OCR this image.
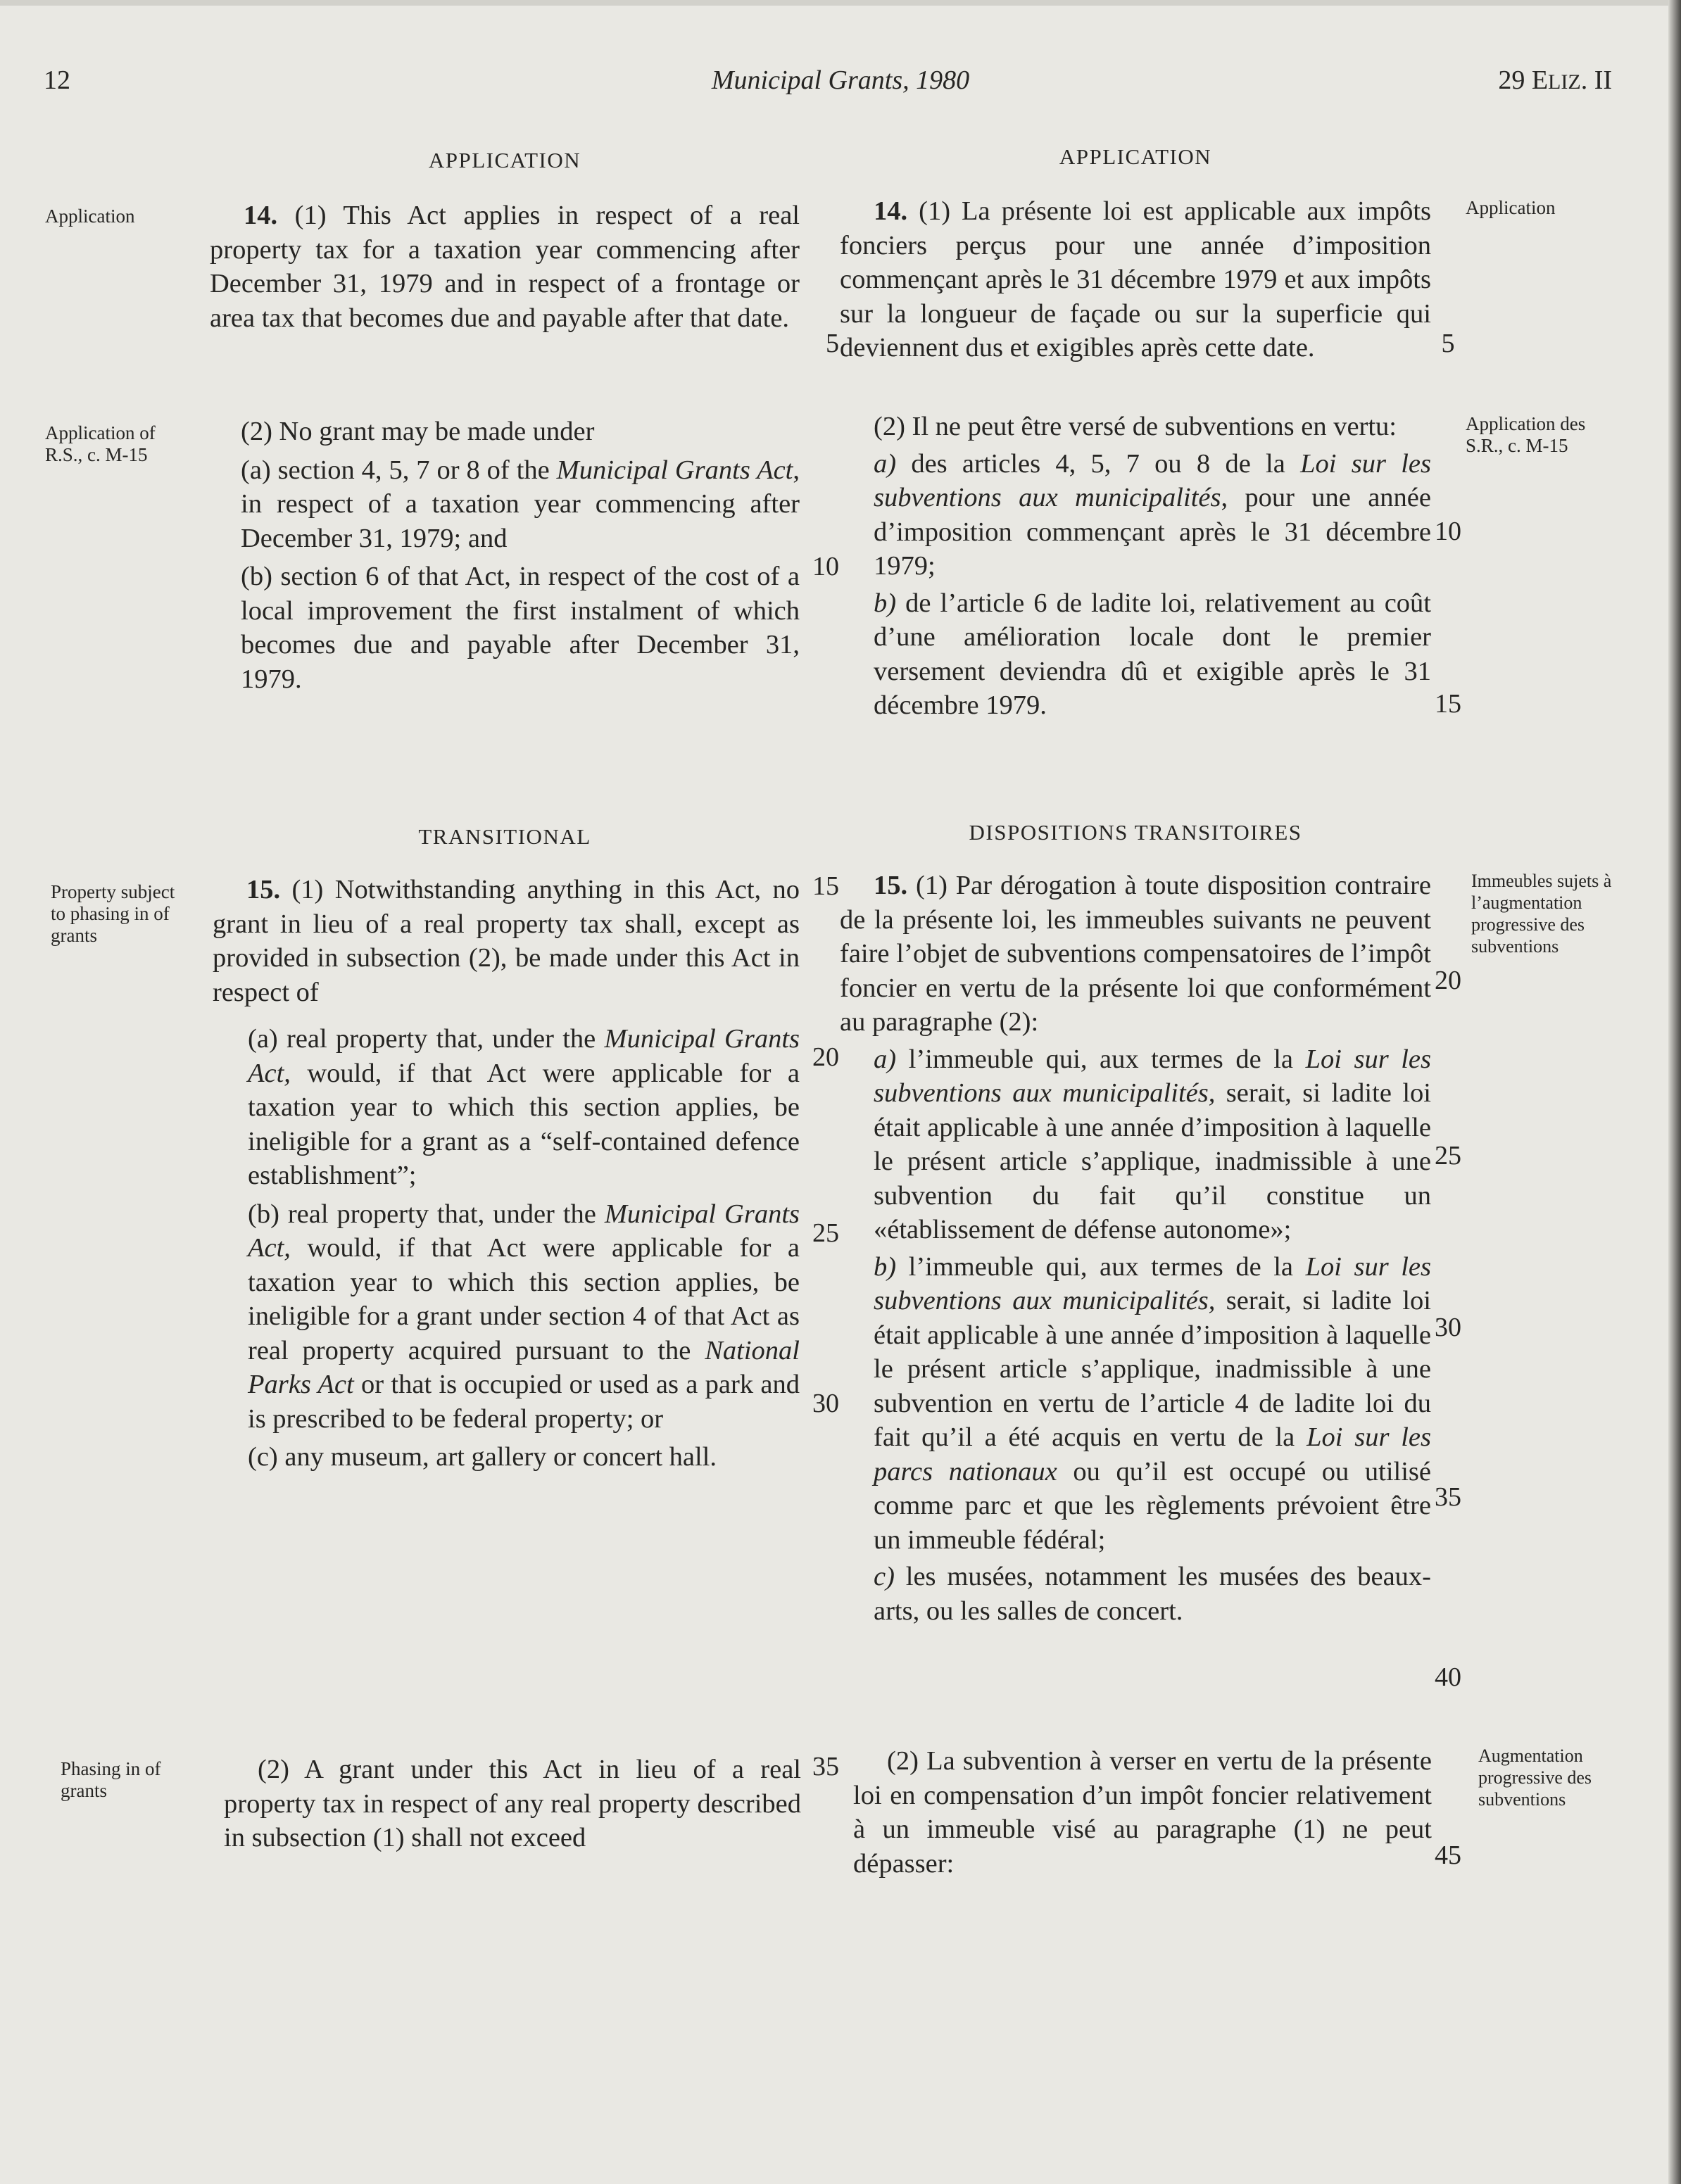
12	Municipal Grants, 1980	29 ELIZ. II
APPLICATION	APPLICATION
TRANSITIONAL	DISPOSITIONS TRANSITOIRES
Application
Application of R.S., c. M-15
Property subject to phasing in of grants
Phasing in of grants
Application
Application des S.R., c. M-15
Immeubles sujets à l’augmentation progressive des subventions
Augmentation progressive des subventions
14. (1) This Act applies in respect of a real property tax for a taxation year commencing after December 31, 1979 and in respect of a frontage or area tax that becomes due and payable after that date.
(2) No grant may be made under
(a) section 4, 5, 7 or 8 of the Municipal Grants Act, in respect of a taxation year commencing after December 31, 1979; and
(b) section 6 of that Act, in respect of the cost of a local improvement the first instalment of which becomes due and payable after December 31, 1979.
15. (1) Notwithstanding anything in this Act, no grant in lieu of a real property tax shall, except as provided in subsection (2), be made under this Act in respect of
(a) real property that, under the Municipal Grants Act, would, if that Act were applicable for a taxation year to which this section applies, be ineligible for a grant as a “self-contained defence establishment”;
(b) real property that, under the Municipal Grants Act, would, if that Act were applicable for a taxation year to which this section applies, be ineligible for a grant under section 4 of that Act as real property acquired pursuant to the National Parks Act or that is occupied or used as a park and is prescribed to be federal property; or
(c) any museum, art gallery or concert hall.
(2) A grant under this Act in lieu of a real property tax in respect of any real property described in subsection (1) shall not exceed
14. (1) La présente loi est applicable aux impôts fonciers perçus pour une année d’imposition commençant après le 31 décembre 1979 et aux impôts sur la longueur de façade ou sur la superficie qui deviennent dus et exigibles après cette date.
(2) Il ne peut être versé de subventions en vertu:
a) des articles 4, 5, 7 ou 8 de la Loi sur les subventions aux municipalités, pour une année d’imposition commençant après le 31 décembre 1979;
b) de l’article 6 de ladite loi, relativement au coût d’une amélioration locale dont le premier versement deviendra dû et exigible après le 31 décembre 1979.
15. (1) Par dérogation à toute disposition contraire de la présente loi, les immeubles suivants ne peuvent faire l’objet de subventions compensatoires de l’impôt foncier en vertu de la présente loi que conformément au paragraphe (2):
a) l’immeuble qui, aux termes de la Loi sur les subventions aux municipalités, serait, si ladite loi était applicable à une année d’imposition à laquelle le présent article s’applique, inadmissible à une subvention du fait qu’il constitue un «établissement de défense autonome»;
b) l’immeuble qui, aux termes de la Loi sur les subventions aux municipalités, serait, si ladite loi était applicable à une année d’imposition à laquelle le présent article s’applique, inadmissible à une subvention en vertu de l’article 4 de ladite loi du fait qu’il a été acquis en vertu de la Loi sur les parcs nationaux ou qu’il est occupé ou utilisé comme parc et que les règlements prévoient être un immeuble fédéral;
c) les musées, notamment les musées des beaux-arts, ou les salles de concert.
(2) La subvention à verser en vertu de la présente loi en compensation d’un impôt foncier relativement à un immeuble visé au paragraphe (1) ne peut dépasser:
5
10
15
20
25
30
35
5
10
15
20
25
30
35
40
45
